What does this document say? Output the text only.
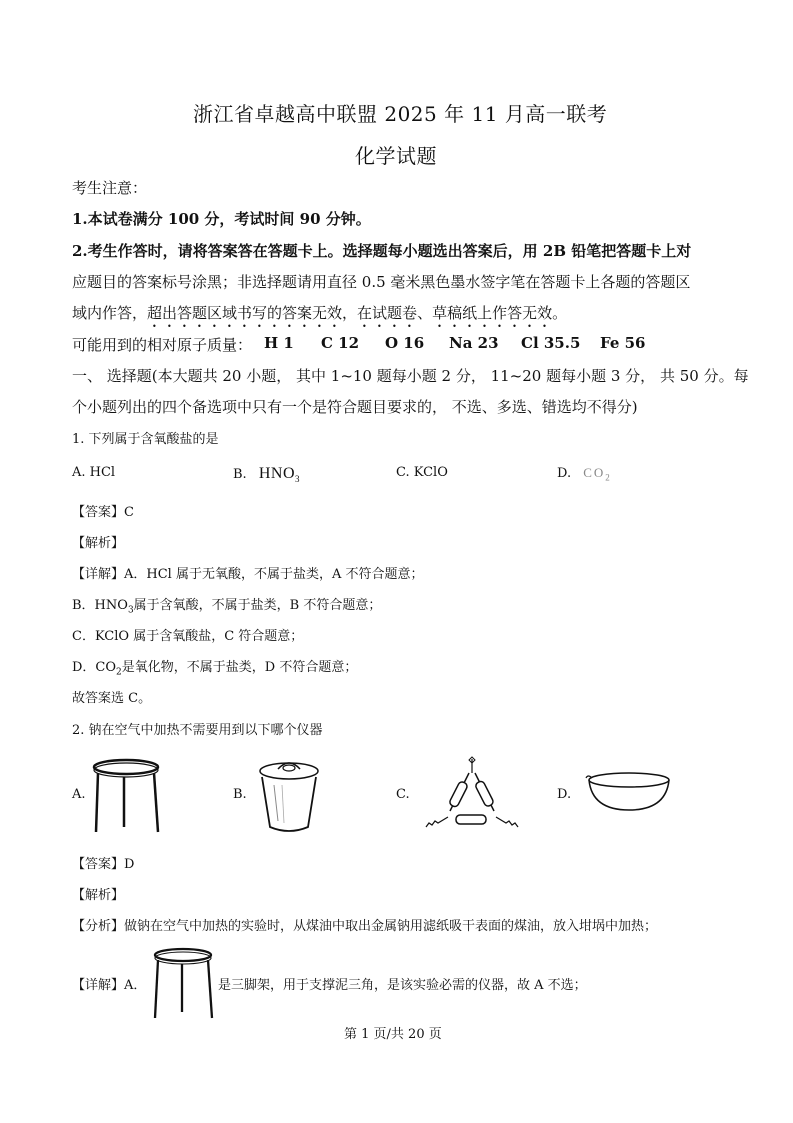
浙江省卓越高中联盟 2025 年 11 月高一联考
化学试题
考生注意：
1.本试卷满分 100 分，考试时间 90 分钟。
2.考生作答时，请将答案答在答题卡上。选择题每小题选出答案后，用 2B 铅笔把答题卡上对
应题目的答案标号涂黑；非选择题请用直径 0.5 毫米黑色墨水签字笔在答题卡上各题的答题区
域内作答，超出答题区域书写的答案无效，在试题卷、草稿纸上作答无效。
可能用到的相对原子质量： H 1 C 12 O 16 Na 23 Cl 35.5 Fe 56
一、 选择题(本大题共 20 小题， 其中 1~10 题每小题 2 分， 11~20 题每小题 3 分， 共 50 分。每
个小题列出的四个备选项中只有一个是符合题目要求的， 不选、多选、错选均不得分)
1. 下列属于含氧酸盐的是
A. HCl	B. $HNO_3$	C. KClO	D. $CO_2$
【答案】C
【解析】
【详解】A．HCl 属于无氧酸，不属于盐类，A 不符合题意；
B．$HNO_3$属于含氧酸，不属于盐类，B 不符合题意；
C．KClO 属于含氧酸盐，C 符合题意；
D．$CO_2$是氧化物，不属于盐类，D 不符合题意；
故答案选 C。
2. 钠在空气中加热不需要用到以下哪个仪器
A.	B.	C.	D.
【答案】D
【解析】
【分析】做钠在空气中加热的实验时，从煤油中取出金属钠用滤纸吸干表面的煤油，放入坩埚中加热；
【详解】A．	是三脚架，用于支撑泥三角，是该实验必需的仪器，故 A 不选；
第 1 页/共 20 页
